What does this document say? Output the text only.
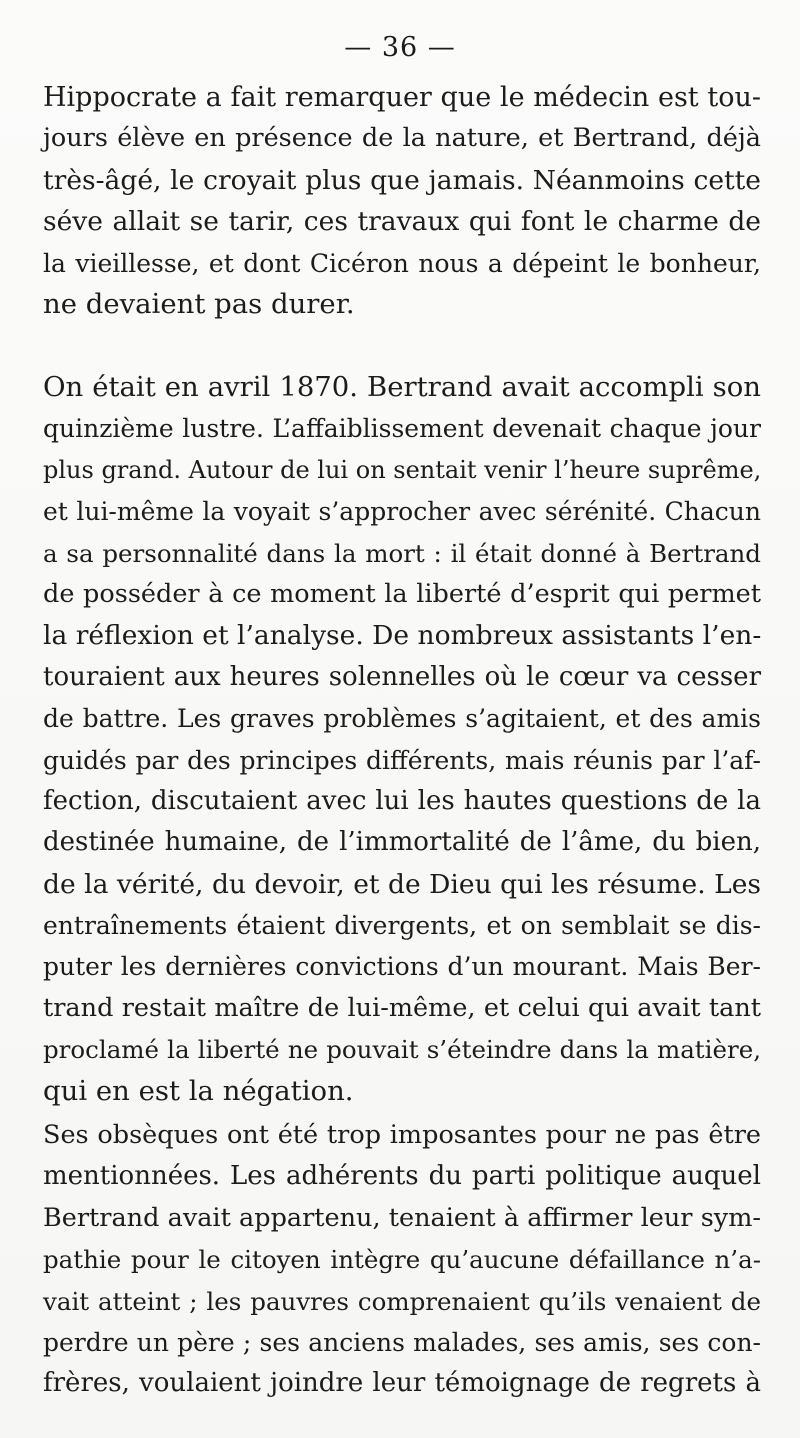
— 36 —
Hippocrate a fait remarquer que le médecin est tou-
jours élève en présence de la nature, et Bertrand, déjà
très-âgé, le croyait plus que jamais. Néanmoins cette
séve allait se tarir, ces travaux qui font le charme de
la vieillesse, et dont Cicéron nous a dépeint le bonheur,
ne devaient pas durer.
On était en avril 1870. Bertrand avait accompli son
quinzième lustre. L’affaiblissement devenait chaque jour
plus grand. Autour de lui on sentait venir l’heure suprême,
et lui-même la voyait s’approcher avec sérénité. Chacun
a sa personnalité dans la mort : il était donné à Bertrand
de posséder à ce moment la liberté d’esprit qui permet
la réflexion et l’analyse. De nombreux assistants l’en-
touraient aux heures solennelles où le cœur va cesser
de battre. Les graves problèmes s’agitaient, et des amis
guidés par des principes différents, mais réunis par l’af-
fection, discutaient avec lui les hautes questions de la
destinée humaine, de l’immortalité de l’âme, du bien,
de la vérité, du devoir, et de Dieu qui les résume. Les
entraînements étaient divergents, et on semblait se dis-
puter les dernières convictions d’un mourant. Mais Ber-
trand restait maître de lui-même, et celui qui avait tant
proclamé la liberté ne pouvait s’éteindre dans la matière,
qui en est la négation.
Ses obsèques ont été trop imposantes pour ne pas être
mentionnées. Les adhérents du parti politique auquel
Bertrand avait appartenu, tenaient à affirmer leur sym-
pathie pour le citoyen intègre qu’aucune défaillance n’a-
vait atteint ; les pauvres comprenaient qu’ils venaient de
perdre un père ; ses anciens malades, ses amis, ses con-
frères, voulaient joindre leur témoignage de regrets à
